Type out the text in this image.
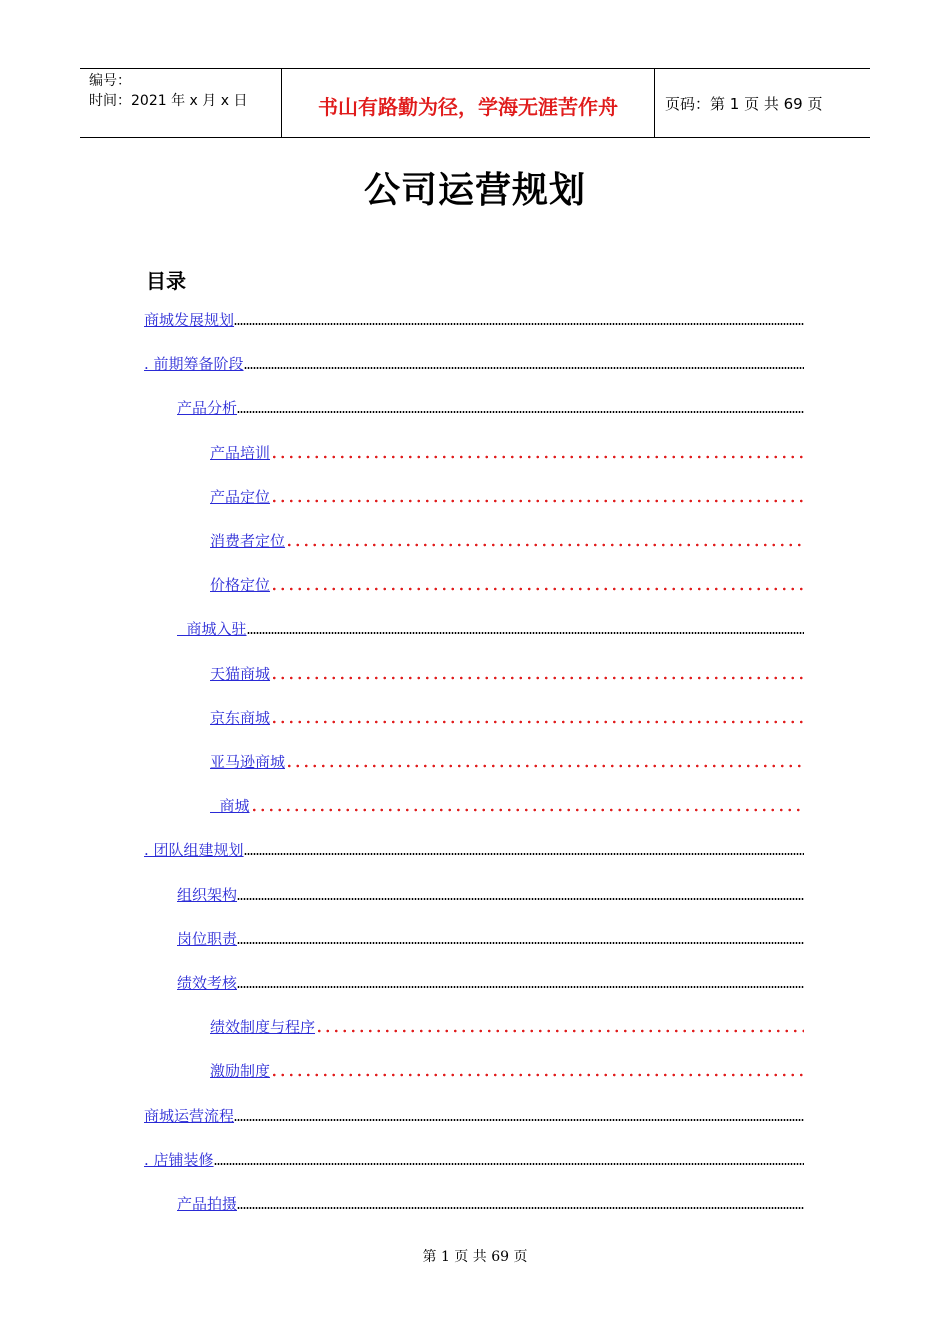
编号：
时间：2021 年 x 月 x 日	书山有路勤为径，学海无涯苦作舟	页码：第 1 页 共 69 页
公司运营规划
目录
商城发展规划
. 前期筹备阶段
产品分析
产品培训
产品定位
消费者定位
价格定位
商城入驻
天猫商城
京东商城
亚马逊商城
商城
. 团队组建规划
组织架构
岗位职责
绩效考核
绩效制度与程序
激励制度
商城运营流程
. 店铺装修
产品拍摄
第 1 页 共 69 页
